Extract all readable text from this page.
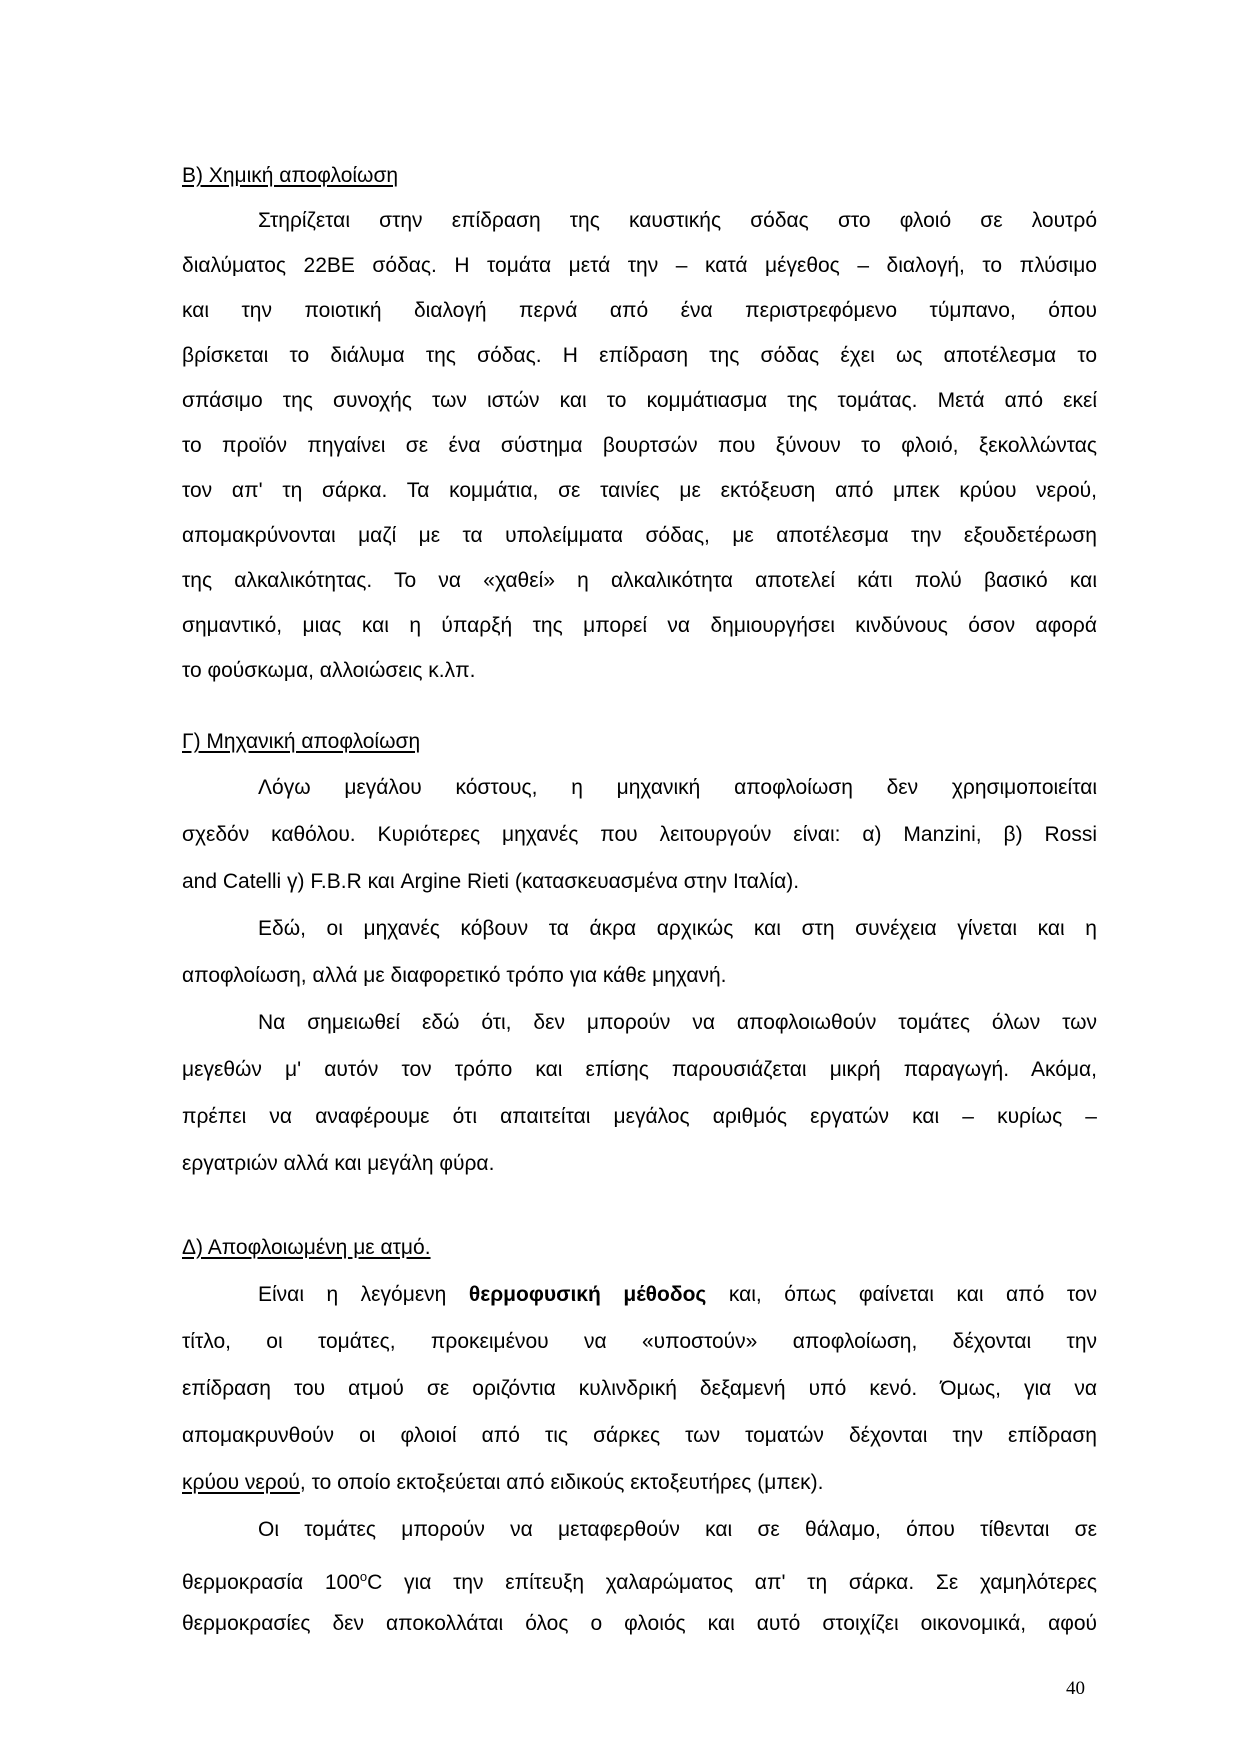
Β) Χημική αποφλοίωση
Στηρίζεται στην επίδραση της καυστικής σόδας στο φλοιό σε λουτρό
διαλύματος 22ΒΕ σόδας. Η τομάτα μετά την – κατά μέγεθος – διαλογή, το πλύσιμο
και την ποιοτική διαλογή περνά από ένα περιστρεφόμενο τύμπανο, όπου
βρίσκεται το διάλυμα της σόδας. Η επίδραση της σόδας έχει ως αποτέλεσμα το
σπάσιμο της συνοχής των ιστών και το κομμάτιασμα της τομάτας. Μετά από εκεί
το προϊόν πηγαίνει σε ένα σύστημα βουρτσών που ξύνουν το φλοιό, ξεκολλώντας
τον απ' τη σάρκα. Τα κομμάτια, σε ταινίες με εκτόξευση από μπεκ κρύου νερού,
απομακρύνονται μαζί με τα υπολείμματα σόδας, με αποτέλεσμα την εξουδετέρωση
της αλκαλικότητας. Το να «χαθεί» η αλκαλικότητα αποτελεί κάτι πολύ βασικό και
σημαντικό, μιας και η ύπαρξή της μπορεί να δημιουργήσει κινδύνους όσον αφορά
το φούσκωμα, αλλοιώσεις κ.λπ.
Γ) Μηχανική αποφλοίωση
Λόγω μεγάλου κόστους, η μηχανική αποφλοίωση δεν χρησιμοποιείται
σχεδόν καθόλου. Κυριότερες μηχανές που λειτουργούν είναι: α) Manzini, β) Rossi
and Catelli γ) F.B.R και Argine Rieti (κατασκευασμένα στην Ιταλία).
Εδώ, οι μηχανές κόβουν τα άκρα αρχικώς και στη συνέχεια γίνεται και η
αποφλοίωση, αλλά με διαφορετικό τρόπο για κάθε μηχανή.
Να σημειωθεί εδώ ότι, δεν μπορούν να αποφλοιωθούν τομάτες όλων των
μεγεθών μ' αυτόν τον τρόπο και επίσης παρουσιάζεται μικρή παραγωγή. Ακόμα,
πρέπει να αναφέρουμε ότι απαιτείται μεγάλος αριθμός εργατών και – κυρίως –
εργατριών αλλά και μεγάλη φύρα.
Δ) Αποφλοιωμένη με ατμό.
Είναι η λεγόμενη θερμοφυσική μέθοδος και, όπως φαίνεται και από τον
τίτλο, οι τομάτες, προκειμένου να «υποστούν» αποφλοίωση, δέχονται την
επίδραση του ατμού σε οριζόντια κυλινδρική δεξαμενή υπό κενό. Όμως, για να
απομακρυνθούν οι φλοιοί από τις σάρκες των τοματών δέχονται την επίδραση
κρύου νερού, το οποίο εκτοξεύεται από ειδικούς εκτοξευτήρες (μπεκ).
Οι τομάτες μπορούν να μεταφερθούν και σε θάλαμο, όπου τίθενται σε
θερμοκρασία $100^oC$ για την επίτευξη χαλαρώματος απ' τη σάρκα. Σε χαμηλότερες
θερμοκρασίες δεν αποκολλάται όλος ο φλοιός και αυτό στοιχίζει οικονομικά, αφού
40
